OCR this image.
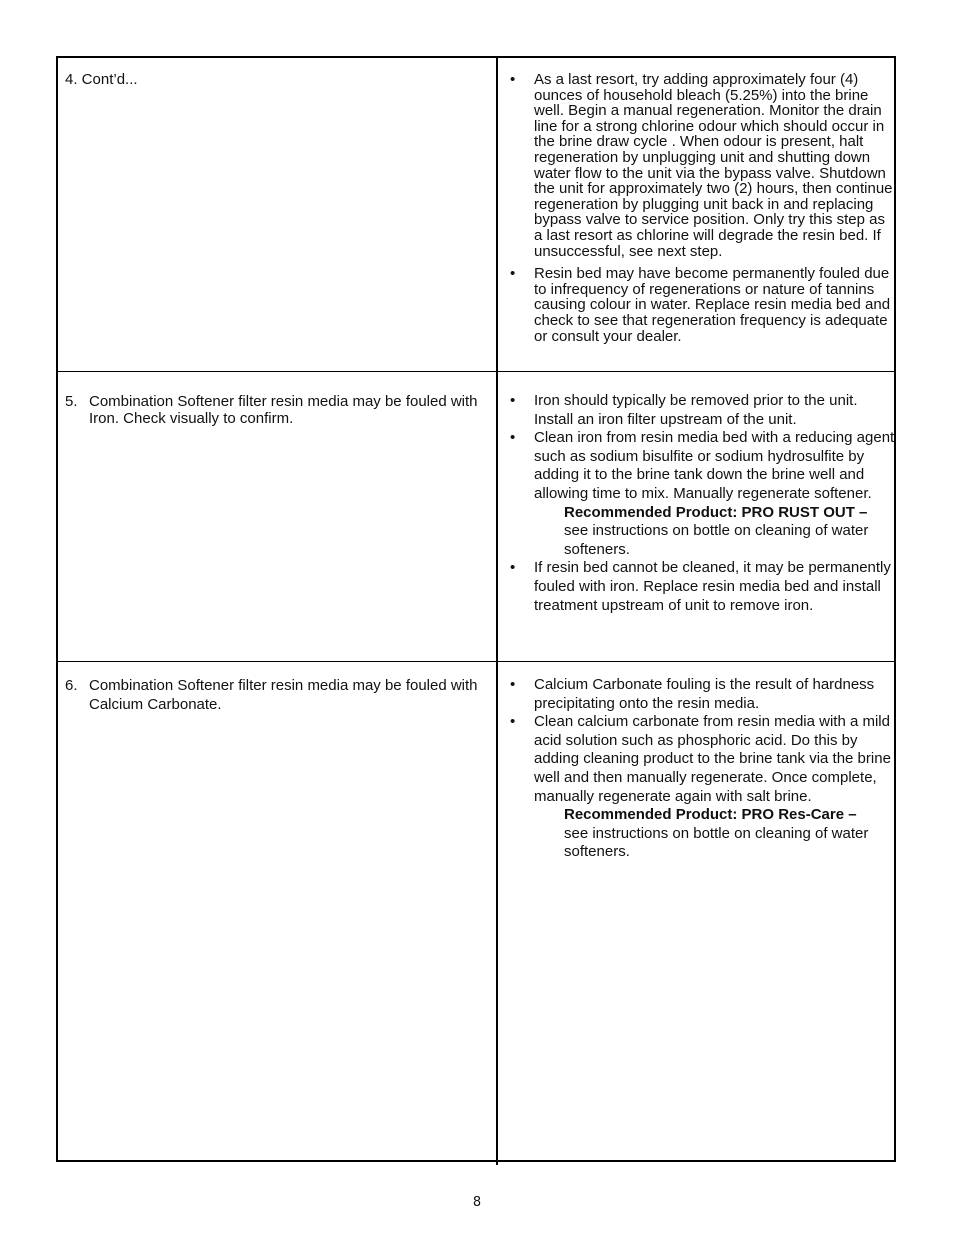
4. Cont’d...	• As a last resort, try adding approximately four (4) ounces of household bleach (5.25%) into the brine well. Begin a manual regeneration. Monitor the drain line for a strong chlorine odour which should occur in the brine draw cycle . When odour is present, halt regeneration by unplugging unit and shutting down water flow to the unit via the bypass valve. Shutdown the unit for approximately two (2) hours, then continue regeneration by plugging unit back in and replacing bypass valve to service position. Only try this step as a last resort as chlorine will degrade the resin bed. If unsuccessful, see next step.
• Resin bed may have become permanently fouled due to infrequency of regenerations or nature of tannins causing colour in water. Replace resin media bed and check to see that regeneration frequency is adequate or consult your dealer.
5. Combination Softener filter resin media may be fouled with Iron. Check visually to confirm.
• Iron should typically be removed prior to the unit. Install an iron filter upstream of the unit.
• Clean iron from resin media bed with a reducing agent such as sodium bisulfite or sodium hydrosulfite by adding it to the brine tank down the brine well and allowing time to mix. Manually regenerate softener.
Recommended Product: PRO RUST OUT –
see instructions on bottle on cleaning of water softeners.
• If resin bed cannot be cleaned, it may be permanently fouled with iron. Replace resin media bed and install treatment upstream of unit to remove iron.
6. Combination Softener filter resin media may be fouled with Calcium Carbonate.
• Calcium Carbonate fouling is the result of hardness precipitating onto the resin media.
• Clean calcium carbonate from resin media with a mild acid solution such as phosphoric acid. Do this by adding cleaning product to the brine tank via the brine well and then manually regenerate. Once complete, manually regenerate again with salt brine.
Recommended Product: PRO Res-Care –
see instructions on bottle on cleaning of water softeners.
8
